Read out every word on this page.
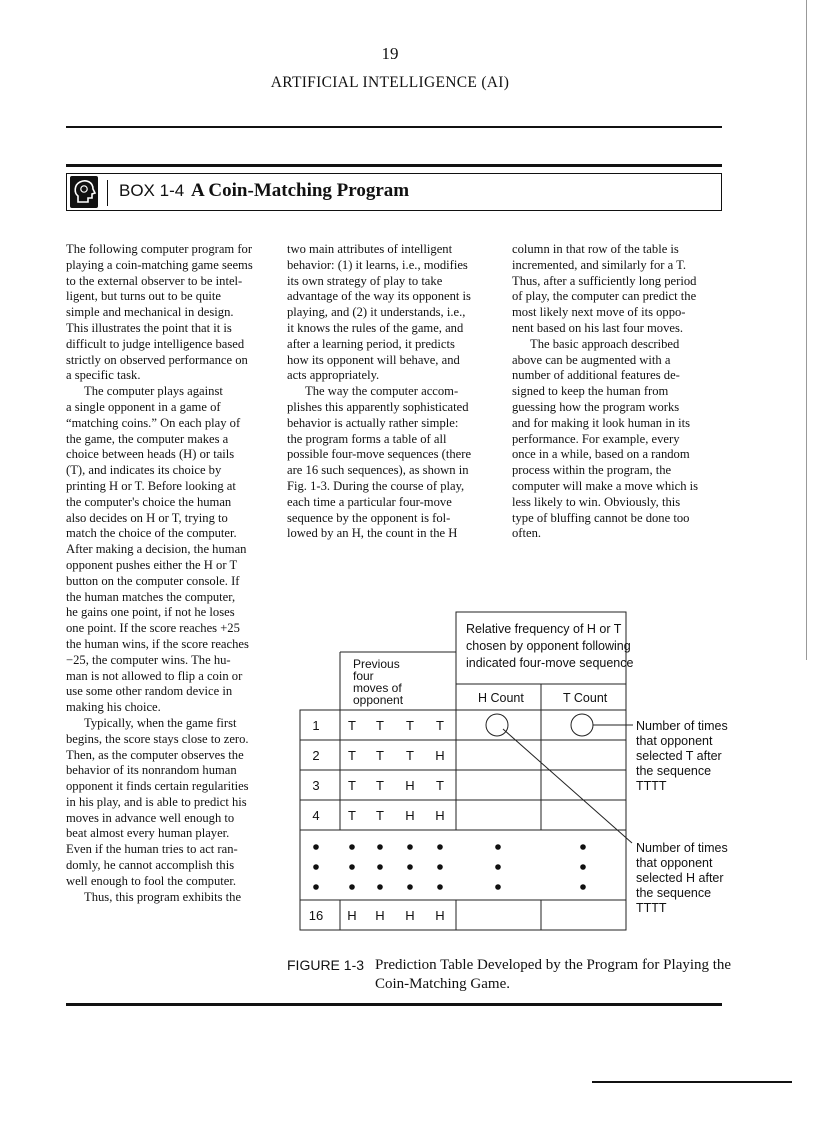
19
ARTIFICIAL INTELLIGENCE (AI)
BOX 1-4 A Coin-Matching Program

The following computer program for

playing a coin-matching game seems

to the external observer to be intel-

ligent, but turns out to be quite

simple and mechanical in design.

This illustrates the point that it is

difficult to judge intelligence based

strictly on observed performance on

a specific task.

The computer plays against

a single opponent in a game of

“matching coins.” On each play of

the game, the computer makes a

choice between heads (H) or tails

(T), and indicates its choice by

printing H or T. Before looking at

the computer's choice the human

also decides on H or T, trying to

match the choice of the computer.

After making a decision, the human

opponent pushes either the H or T

button on the computer console. If

the human matches the computer,

he gains one point, if not he loses

one point. If the score reaches +25

the human wins, if the score reaches

−25, the computer wins. The hu-

man is not allowed to flip a coin or

use some other random device in

making his choice.

Typically, when the game first

begins, the score stays close to zero.

Then, as the computer observes the

behavior of its nonrandom human

opponent it finds certain regularities

in his play, and is able to predict his

moves in advance well enough to

beat almost every human player.

Even if the human tries to act ran-

domly, he cannot accomplish this

well enough to fool the computer.

Thus, this program exhibits the

two main attributes of intelligent

behavior: (1) it learns, i.e., modifies

its own strategy of play to take

advantage of the way its opponent is

playing, and (2) it understands, i.e.,

it knows the rules of the game, and

after a learning period, it predicts

how its opponent will behave, and

acts appropriately.

The way the computer accom-

plishes this apparently sophisticated

behavior is actually rather simple:

the program forms a table of all

possible four-move sequences (there

are 16 such sequences), as shown in

Fig. 1-3. During the course of play,

each time a particular four-move

sequence by the opponent is fol-

lowed by an H, the count in the H

column in that row of the table is

incremented, and similarly for a T.

Thus, after a sufficiently long period

of play, the computer can predict the

most likely next move of its oppo-

nent based on his last four moves.

The basic approach described

above can be augmented with a

number of additional features de-

signed to keep the human from

guessing how the program works

and for making it look human in its

performance. For example, every

once in a while, based on a random

process within the program, the

computer will make a move which is

less likely to win. Obviously, this

type of bluffing cannot be done too

often.

Relative frequency of H or T
chosen by opponent following
indicated four-move sequence
Previous
four
moves of
opponent	H Count	T Count
1 T T T T
2 T T T H
3 T T H T
4 T T H H
16 H H H H
Number of times
that opponent
selected T after
the sequence
TTTT
Number of times
that opponent
selected H after
the sequence
TTTT
FIGURE 1-3 Prediction Table Developed by the Program for Playing the Coin-Matching Game.
